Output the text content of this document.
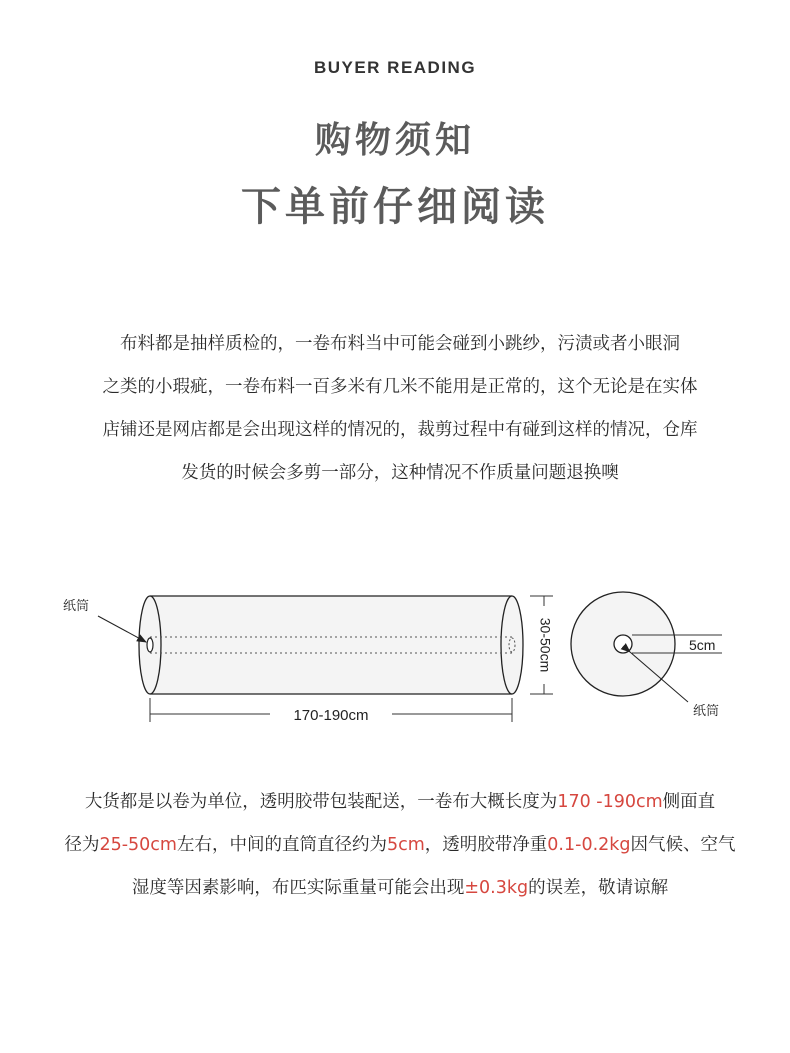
BUYER READING
购物须知
下单前仔细阅读
布料都是抽样质检的，一卷布料当中可能会碰到小跳纱，污渍或者小眼洞
之类的小瑕疵，一卷布料一百多米有几米不能用是正常的，这个无论是在实体
店铺还是网店都是会出现这样的情况的，裁剪过程中有碰到这样的情况，仓库
发货的时候会多剪一部分，这种情况不作质量问题退换噢
纸筒
170-190cm
30-50cm	5cm
纸筒
大货都是以卷为单位，透明胶带包装配送，一卷布大概长度为170 -190cm侧面直
径为25-50cm左右，中间的直筒直径约为5cm，透明胶带净重0.1-0.2kg因气候、空气
湿度等因素影响，布匹实际重量可能会出现±0.3kg的误差，敬请谅解
